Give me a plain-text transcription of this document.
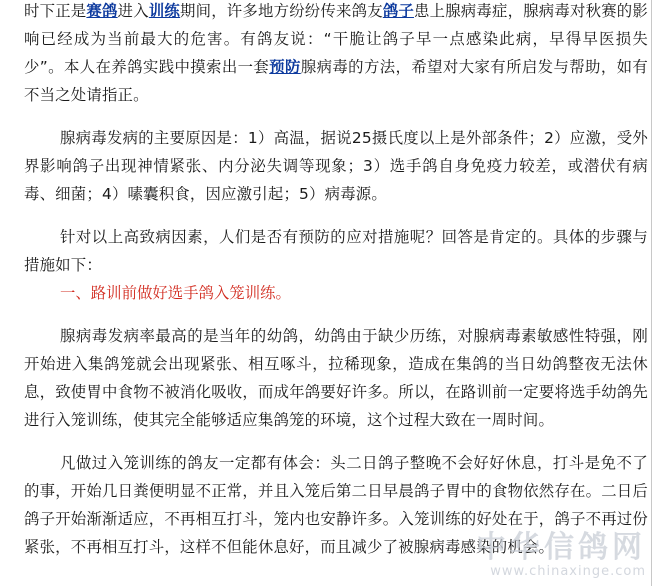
时下正是赛鸽进入训练期间，许多地方纷纷传来鸽友鸽子患上腺病毒症，腺病毒对秋赛的影响已经成为当前最大的危害。有鸽友说：“干脆让鸽子早一点感染此病，早得早医损失少”。本人在养鸽实践中摸索出一套预防腺病毒的方法，希望对大家有所启发与帮助，如有不当之处请指正。

腺病毒发病的主要原因是：1）高温，据说25摄氏度以上是外部条件；2）应激，受外界影响鸽子出现神情紧张、内分泌失调等现象；3）选手鸽自身免疫力较差，或潜伏有病毒、细菌；4）嗉囊积食，因应激引起；5）病毒源。

针对以上高致病因素，人们是否有预防的应对措施呢？回答是肯定的。具体的步骤与措施如下：

一、路训前做好选手鸽入笼训练。

腺病毒发病率最高的是当年的幼鸽，幼鸽由于缺少历练，对腺病毒素敏感性特强，刚开始进入集鸽笼就会出现紧张、相互啄斗，拉稀现象，造成在集鸽的当日幼鸽整夜无法休息，致使胃中食物不被消化吸收，而成年鸽要好许多。所以，在路训前一定要将选手幼鸽先进行入笼训练，使其完全能够适应集鸽笼的环境，这个过程大致在一周时间。

凡做过入笼训练的鸽友一定都有体会：头二日鸽子整晚不会好好休息，打斗是免不了的事，开始几日粪便明显不正常，并且入笼后第二日早晨鸽子胃中的食物依然存在。二日后鸽子开始渐渐适应，不再相互打斗，笼内也安静许多。入笼训练的好处在于，鸽子不再过份紧张，不再相互打斗，这样不但能休息好，而且减少了被腺病毒感染的机会。

中华信鸽网
www.chinaxinge.com
